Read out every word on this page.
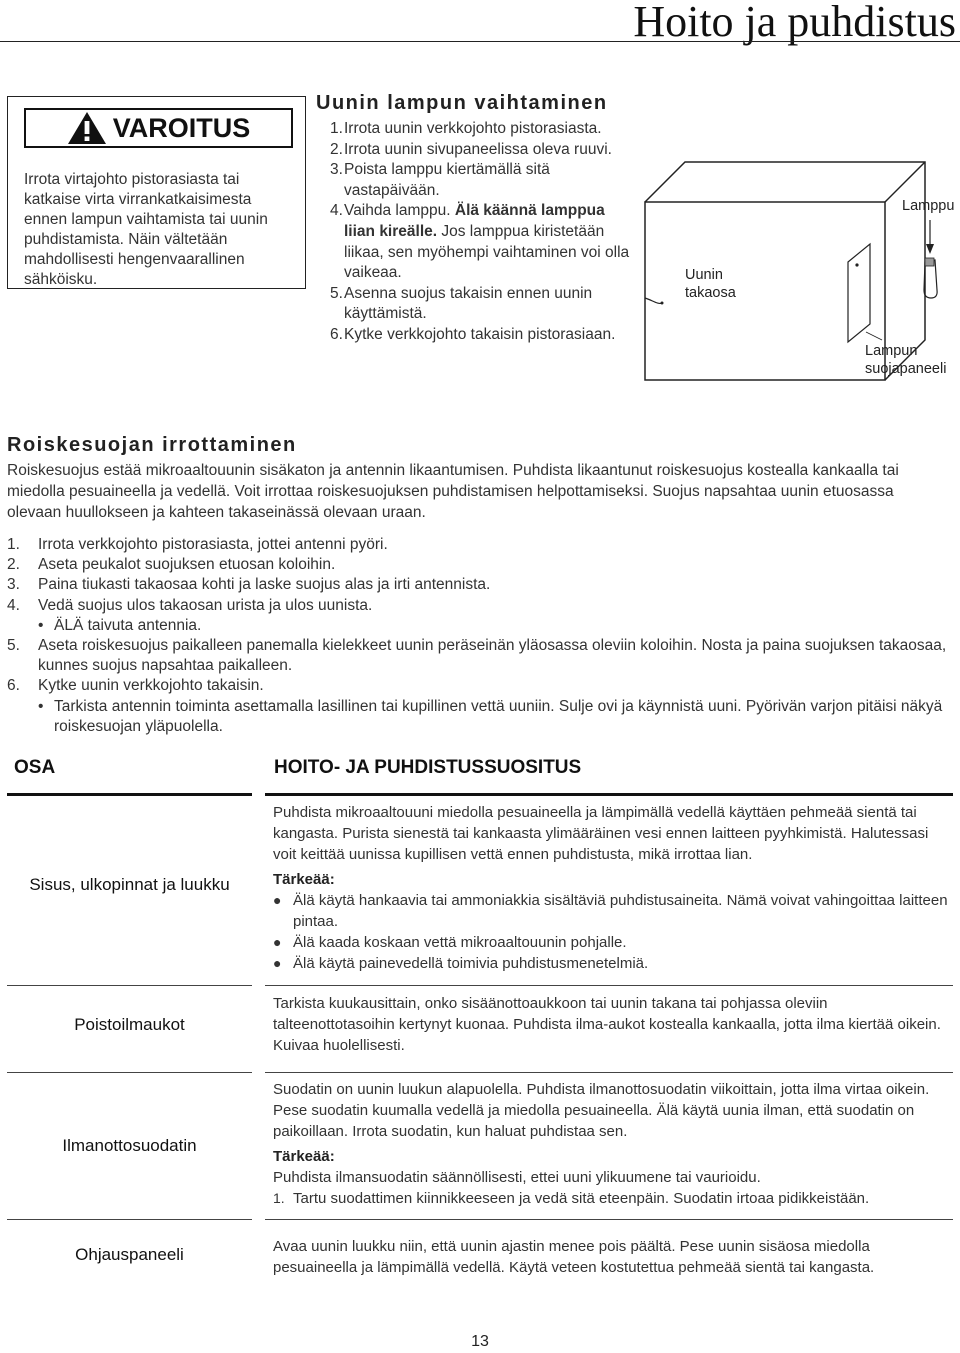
Hoito ja puhdistus
VAROITUS

Irrota virtajohto pistorasiasta tai katkaise virta virrankatkaisimesta ennen lampun vaihtamista tai uunin puhdistamista. Näin vältetään mahdollisesti hengenvaarallinen sähköisku.

Uunin lampun vaihtaminen
1. Irrota uunin verkkojohto pistorasiasta.
2. Irrota uunin sivupaneelissa oleva ruuvi.
3. Poista lamppu kiertämällä sitä vastapäivään.
4. Vaihda lamppu. Älä käännä lamppua liian kireälle. Jos lamppua kiristetään liikaa, sen myöhempi vaihtaminen voi olla vaikeaa.
5. Asenna suojus takaisin ennen uunin käyttämistä.
6. Kytke verkkojohto takaisin pistorasiaan.
Uunin takaosa
Lamppu
Lampun suojapaneeli
Roiskesuojan irrottaminen

Roiskesuojus estää mikroaaltouunin sisäkaton ja antennin likaantumisen. Puhdista likaantunut roiskesuojus kostealla kankaalla tai miedolla pesuaineella ja vedellä. Voit irrottaa roiskesuojuksen puhdistamisen helpottamiseksi. Suojus napsahtaa uunin etuosassa olevaan huullokseen ja kahteen takaseinässä olevaan uraan.

1. Irrota verkkojohto pistorasiasta, jottei antenni pyöri.
2. Aseta peukalot suojuksen etuosan koloihin.
3. Paina tiukasti takaosaa kohti ja laske suojus alas ja irti antennista.
4. Vedä suojus ulos takaosan urista ja ulos uunista.
• ÄLÄ taivuta antennia.
5. Aseta roiskesuojus paikalleen panemalla kielekkeet uunin peräseinän yläosassa oleviin koloihin. Nosta ja paina suojuksen takaosaa, kunnes suojus napsahtaa paikalleen.
6. Kytke uunin verkkojohto takaisin.
• Tarkista antennin toiminta asettamalla lasillinen tai kupillinen vettä uuniin. Sulje ovi ja käynnistä uuni. Pyörivän varjon pitäisi näkyä roiskesuojan yläpuolella.
OSA	HOITO- JA PUHDISTUSSUOSITUS
Sisus, ulkopinnat ja luukku

Puhdista mikroaaltouuni miedolla pesuaineella ja lämpimällä vedellä käyttäen pehmeää sientä tai kangasta. Purista sienestä tai kankaasta ylimääräinen vesi ennen laitteen pyyhkimistä. Halutessasi voit keittää uunissa kupillisen vettä ennen puhdistusta, mikä irrottaa lian.

Tärkeää:

● Älä käytä hankaavia tai ammoniakkia sisältäviä puhdistusaineita. Nämä voivat vahingoittaa laitteen pintaa.
● Älä kaada koskaan vettä mikroaaltouunin pohjalle.
● Älä käytä painevedellä toimivia puhdistusmenetelmiä.
Poistoilmaukot

Tarkista kuukausittain, onko sisäänottoaukkoon tai uunin takana tai pohjassa oleviin talteenottotasoihin kertynyt kuonaa. Puhdista ilma-aukot kostealla kankaalla, jotta ilma kiertää oikein. Kuivaa huolellisesti.

Ilmanottosuodatin

Suodatin on uunin luukun alapuolella. Puhdista ilmanottosuodatin viikoittain, jotta ilma virtaa oikein. Pese suodatin kuumalla vedellä ja miedolla pesuaineella. Älä käytä uunia ilman, että suodatin on paikoillaan. Irrota suodatin, kun haluat puhdistaa sen.

Tärkeää:

Puhdista ilmansuodatin säännöllisesti, ettei uuni ylikuumene tai vaurioidu.

1. Tartu suodattimen kiinnikkeeseen ja vedä sitä eteenpäin. Suodatin irtoaa pidikkeistään.
Ohjauspaneeli	Avaa uunin luukku niin, että uunin ajastin menee pois päältä. Pese uunin sisäosa miedolla pesuaineella ja lämpimällä vedellä. Käytä veteen kostutettua pehmeää sientä tai kangasta.

13
